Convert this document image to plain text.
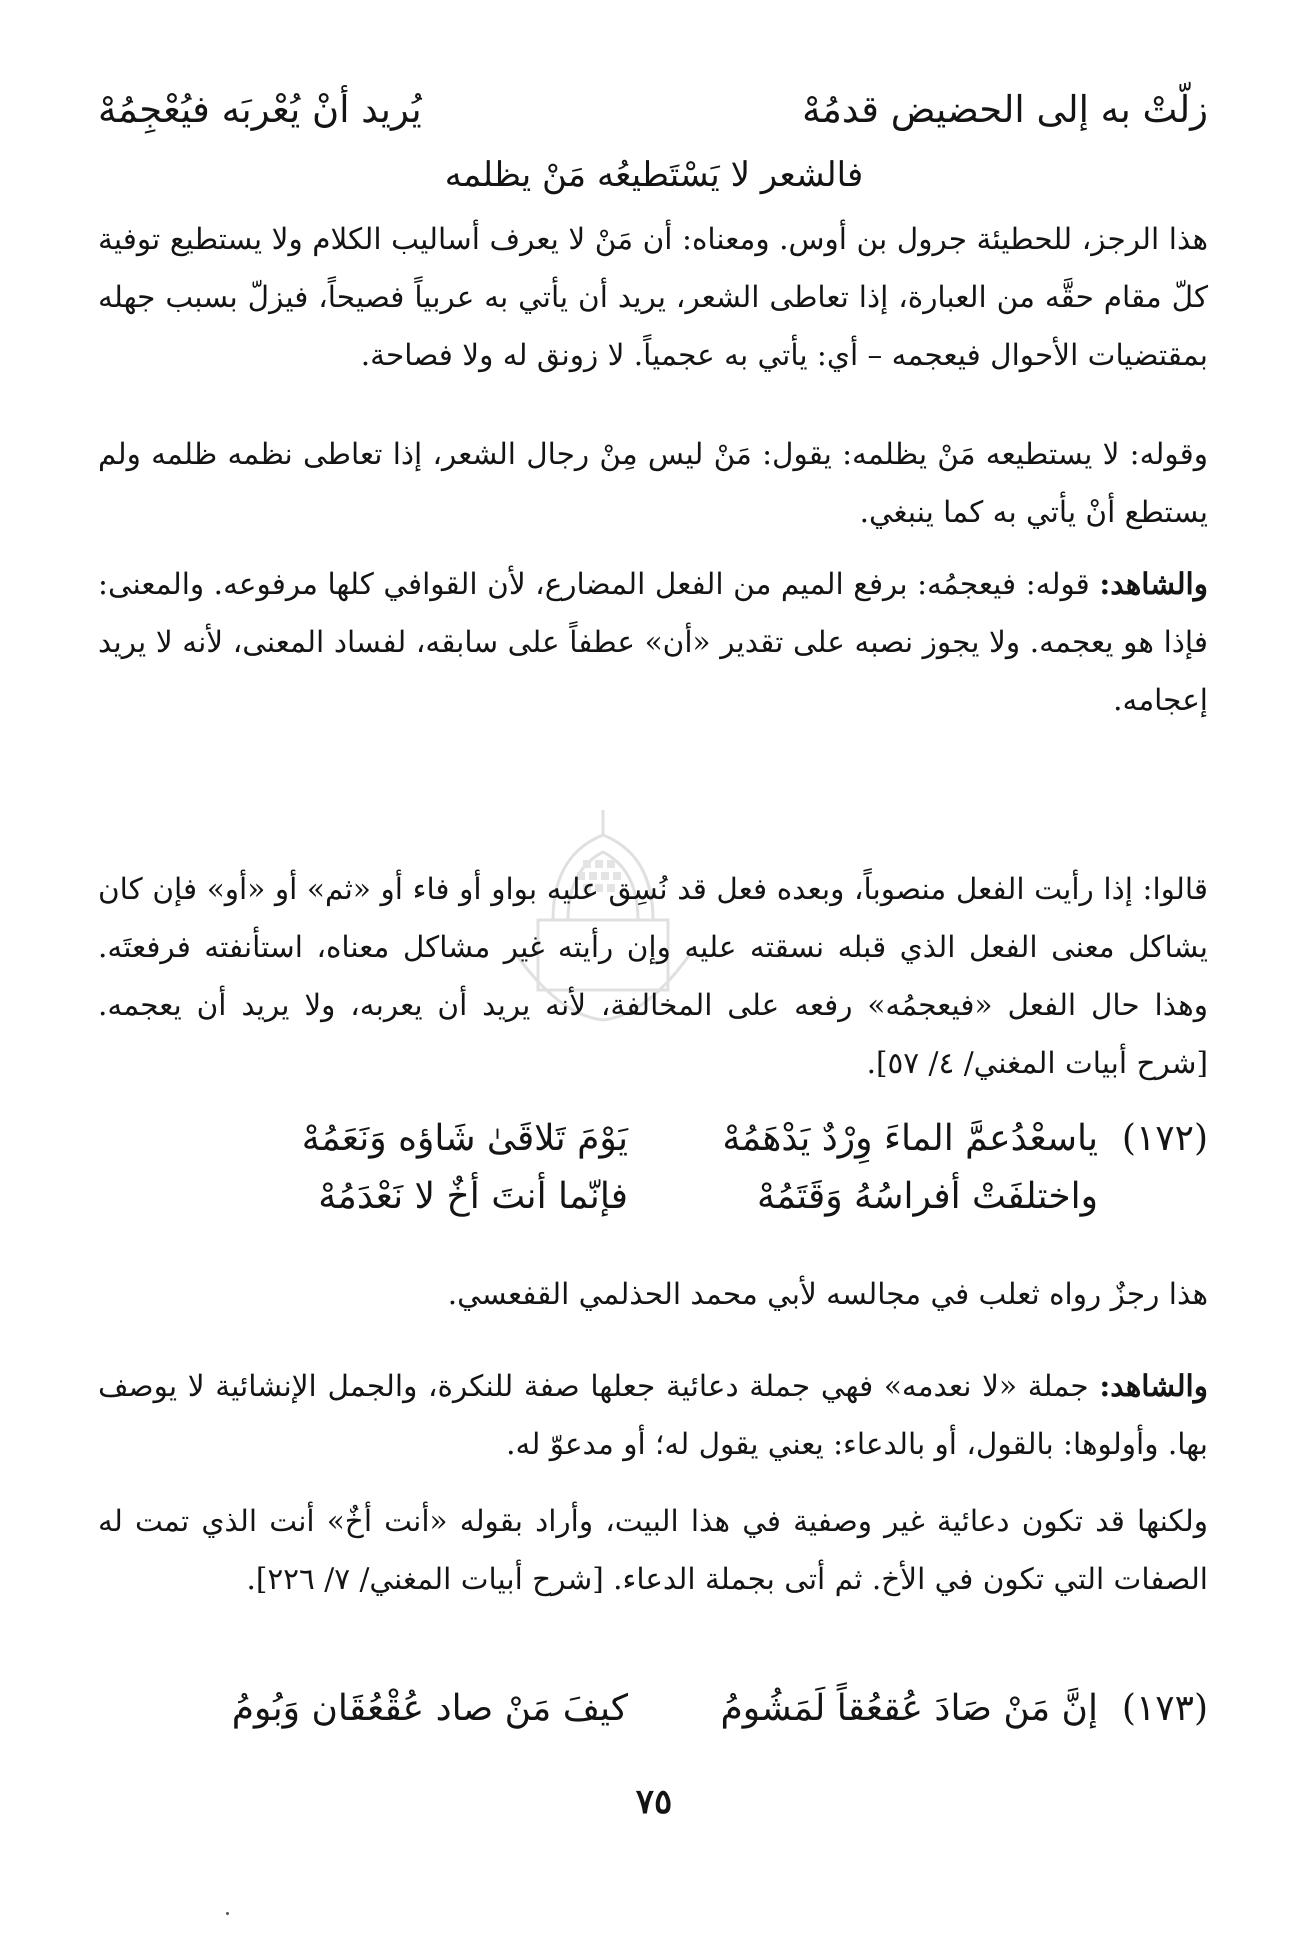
زلّتْ به إلى الحضيض قدمُهْ
يُريد أنْ يُعْربَه فيُعْجِمُهْ
فالشعر لا يَسْتَطيعُه مَنْ يظلمه

هذا الرجز، للحطيئة جرول بن أوس. ومعناه: أن مَنْ لا يعرف أساليب الكلام ولا يستطيع توفية كلّ مقام حقَّه من العبارة، إذا تعاطى الشعر، يريد أن يأتي به عربياً فصيحاً، فيزلّ بسبب جهله بمقتضيات الأحوال فيعجمه – أي: يأتي به عجمياً. لا زونق له ولا فصاحة.

وقوله: لا يستطيعه مَنْ يظلمه: يقول: مَنْ ليس مِنْ رجال الشعر، إذا تعاطى نظمه ظلمه ولم يستطع أنْ يأتي به كما ينبغي.

والشاهد: قوله: فيعجمُه: برفع الميم من الفعل المضارع، لأن القوافي كلها مرفوعه. والمعنى: فإذا هو يعجمه. ولا يجوز نصبه على تقدير «أن» عطفاً على سابقه، لفساد المعنى، لأنه لا يريد إعجامه.

قالوا: إذا رأيت الفعل منصوباً، وبعده فعل قد نُسِق عليه بواو أو فاء أو «ثم» أو «أو» فإن كان يشاكل معنى الفعل الذي قبله نسقته عليه وإن رأيته غير مشاكل معناه، استأنفته فرفعتَه. وهذا حال الفعل «فيعجمُه» رفعه على المخالفة، لأنه يريد أن يعربه، ولا يريد أن يعجمه. [شرح أبيات المغني/ ٤/ ٥٧].

(١٧٢)
ياسعْدُعمَّ الماءَ وِرْدٌ يَدْهَمُهْ
يَوْمَ تَلاقَىٰ شَاؤه وَنَعَمُهْ
واختلفَتْ أفراسُهُ وَقَتَمُهْ
فإنّما أنتَ أخٌ لا نَعْدَمُهْ

هذا رجزٌ رواه ثعلب في مجالسه لأبي محمد الحذلمي القفعسي.

والشاهد: جملة «لا نعدمه» فهي جملة دعائية جعلها صفة للنكرة، والجمل الإنشائية لا يوصف بها. وأولوها: بالقول، أو بالدعاء: يعني يقول له؛ أو مدعوّ له.

ولكنها قد تكون دعائية غير وصفية في هذا البيت، وأراد بقوله «أنت أخٌ» أنت الذي تمت له الصفات التي تكون في الأخ. ثم أتى بجملة الدعاء. [شرح أبيات المغني/ ٧/ ٢٢٦].

(١٧٣)
إنَّ مَنْ صَادَ عُقعُقاً لَمَشُومُ
كيفَ مَنْ صاد عُقْعُقَان وَبُومُ
٧٥
